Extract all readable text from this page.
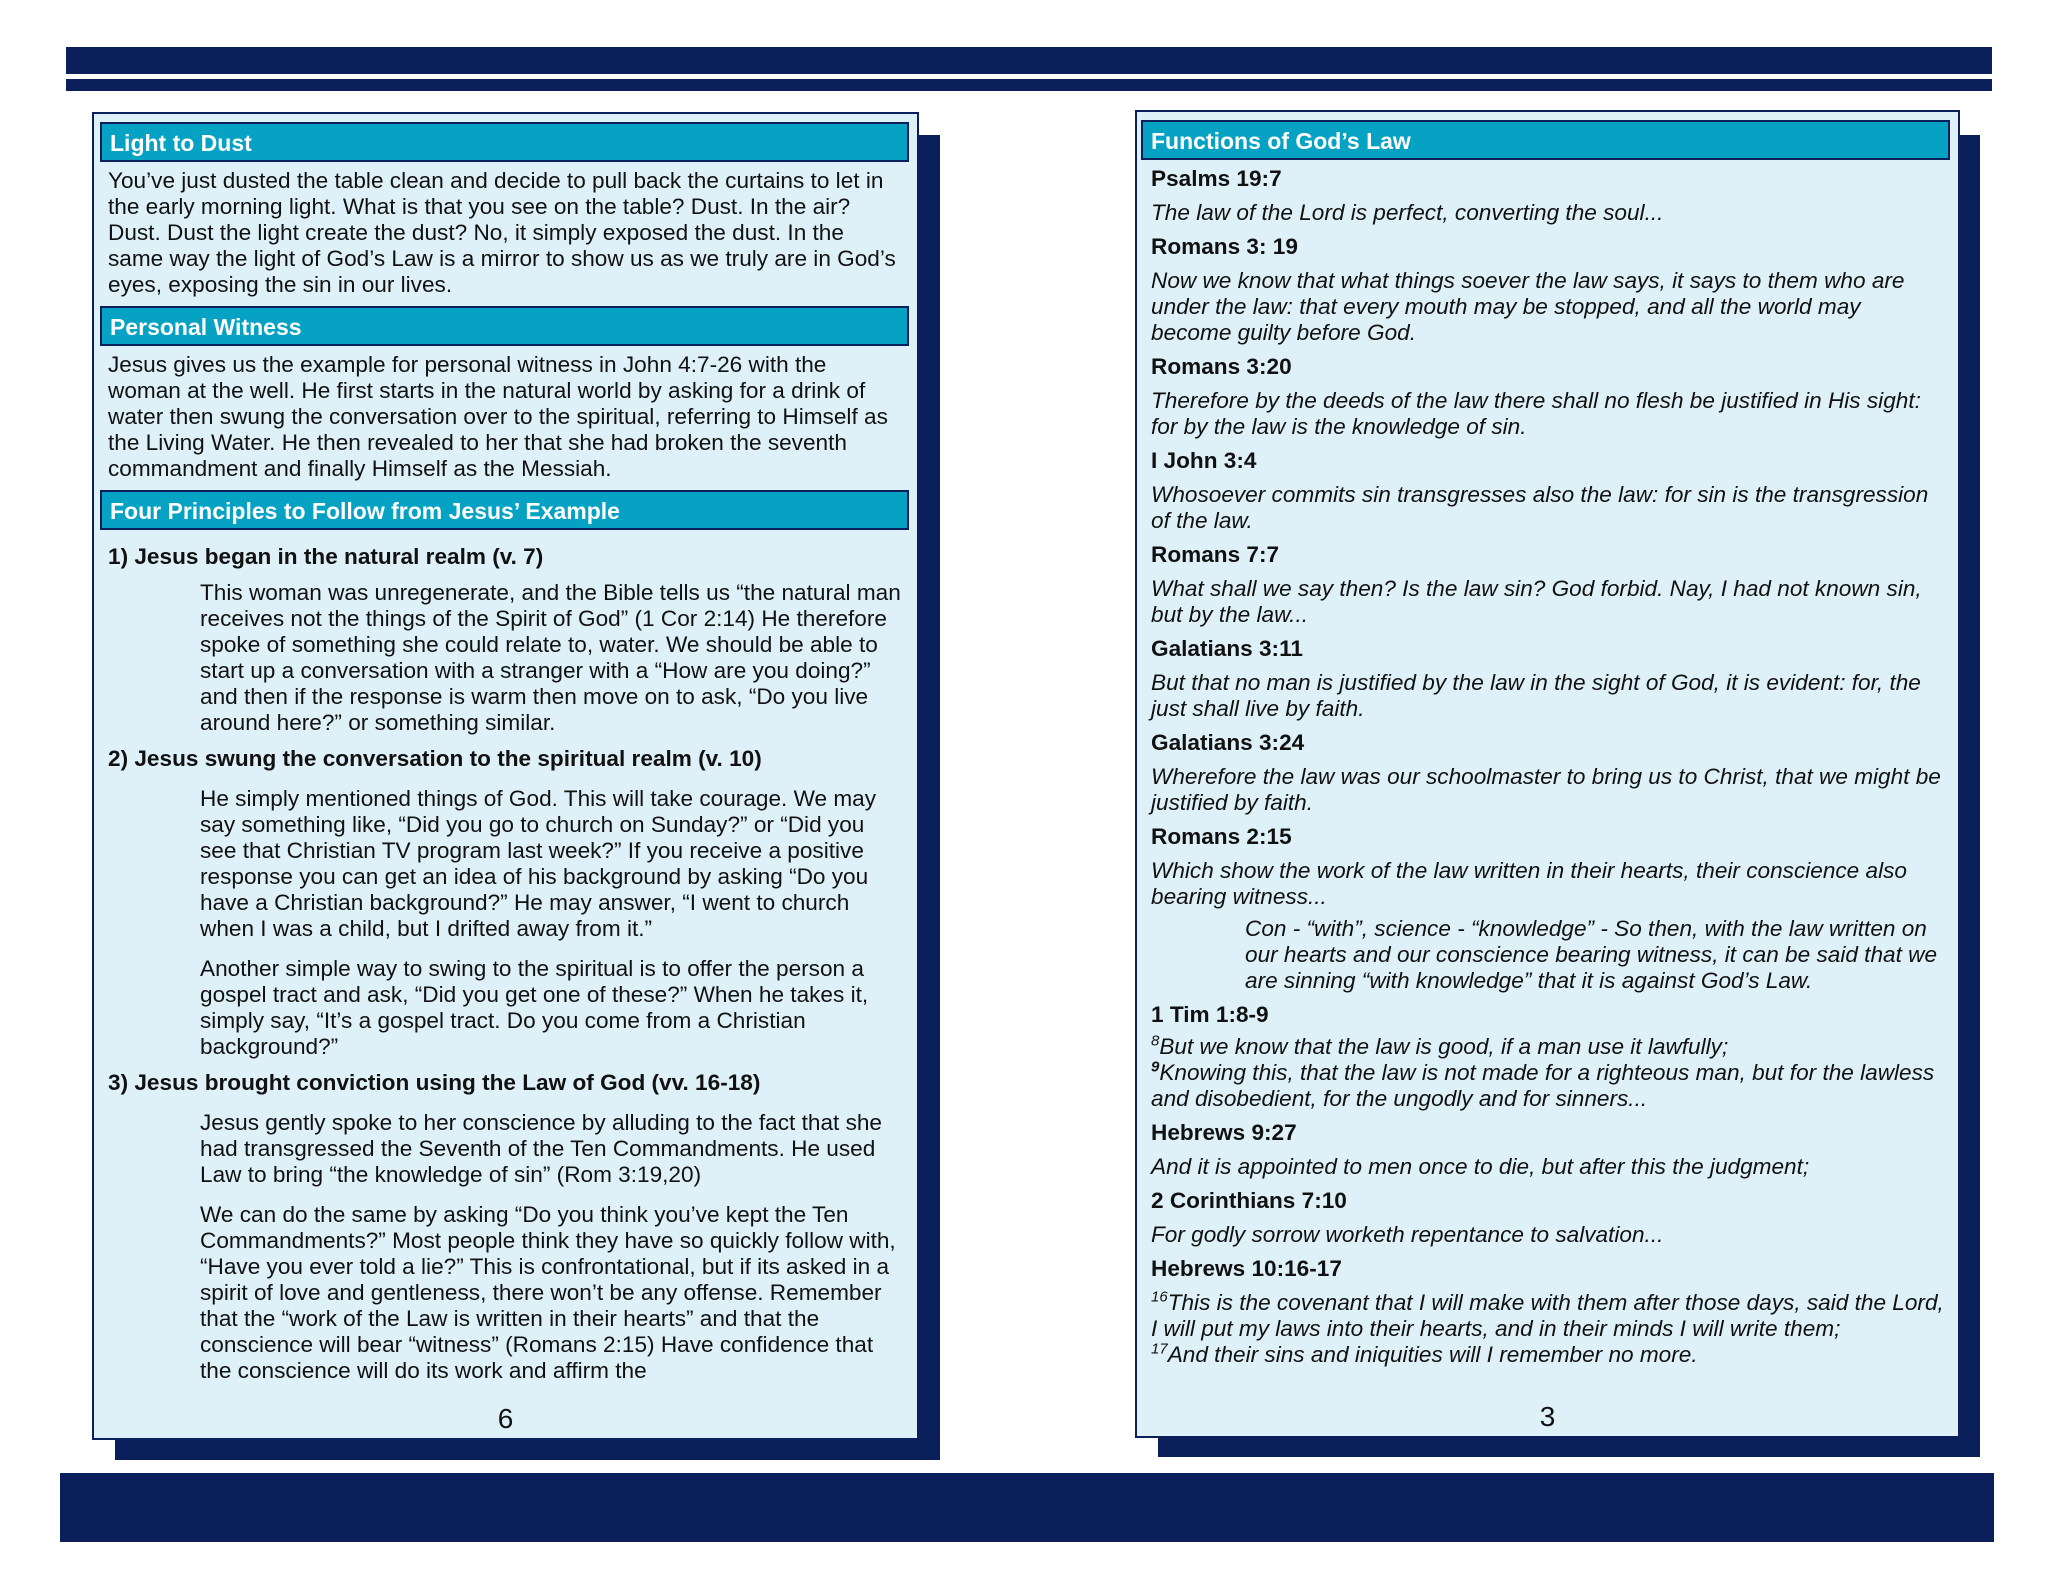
Light to Dust

You’ve just dusted the table clean and decide to pull back the curtains to let in the early morning light. What is that you see on the table? Dust. In the air? Dust. Dust the light create the dust? No, it simply exposed the dust. In the same way the light of God’s Law is a mirror to show us as we truly are in God’s eyes, exposing the sin in our lives.

Personal Witness

Jesus gives us the example for personal witness in John 4:7-26 with the woman at the well. He first starts in the natural world by asking for a drink of water then swung the conversation over to the spiritual, referring to Himself as the Living Water. He then revealed to her that she had broken the seventh commandment and finally Himself as the Messiah.

Four Principles to Follow from Jesus’ Example

1) Jesus began in the natural realm (v. 7)

This woman was unregenerate, and the Bible tells us “the natural man receives not the things of the Spirit of God” (1 Cor 2:14) He therefore spoke of something she could relate to, water. We should be able to start up a conversation with a stranger with a “How are you doing?” and then if the response is warm then move on to ask, “Do you live around here?” or something similar.

2) Jesus swung the conversation to the spiritual realm (v. 10)

He simply mentioned things of God. This will take courage. We may say something like, “Did you go to church on Sunday?” or “Did you see that Christian TV program last week?” If you receive a positive response you can get an idea of his background by asking “Do you have a Christian background?” He may answer, “I went to church when I was a child, but I drifted away from it.”

Another simple way to swing to the spiritual is to offer the person a gospel tract and ask, “Did you get one of these?” When he takes it, simply say, “It’s a gospel tract. Do you come from a Christian background?”

3) Jesus brought conviction using the Law of God (vv. 16-18)

Jesus gently spoke to her conscience by alluding to the fact that she had transgressed the Seventh of the Ten Commandments. He used Law to bring “the knowledge of sin” (Rom 3:19,20)

We can do the same by asking “Do you think you’ve kept the Ten Commandments?” Most people think they have so quickly follow with, “Have you ever told a lie?” This is confrontational, but if its asked in a spirit of love and gentleness, there won’t be any offense. Remember that the “work of the Law is written in their hearts” and that the conscience will bear “witness” (Romans 2:15) Have confidence that the conscience will do its work and affirm the

6
Functions of God’s Law

Psalms 19:7

The law of the Lord is perfect, converting the soul...

Romans 3: 19

Now we know that what things soever the law says, it says to them who are under the law: that every mouth may be stopped, and all the world may become guilty before God.

Romans 3:20

Therefore by the deeds of the law there shall no flesh be justified in His sight: for by the law is the knowledge of sin.

I John 3:4

Whosoever commits sin transgresses also the law: for sin is the transgression of the law.

Romans 7:7

What shall we say then? Is the law sin? God forbid. Nay, I had not known sin, but by the law...

Galatians 3:11

But that no man is justified by the law in the sight of God, it is evident: for, the just shall live by faith.

Galatians 3:24

Wherefore the law was our schoolmaster to bring us to Christ, that we might be justified by faith.

Romans 2:15

Which show the work of the law written in their hearts, their conscience also bearing witness...

Con - “with”, science - “knowledge” - So then, with the law written on our hearts and our conscience bearing witness, it can be said that we are sinning “with knowledge” that it is against God’s Law.

1 Tim 1:8-9

$^8$But we know that the law is good, if a man use it lawfully;
$^9$Knowing this, that the law is not made for a righteous man, but for the lawless and disobedient, for the ungodly and for sinners...

Hebrews 9:27

And it is appointed to men once to die, but after this the judgment;

2 Corinthians 7:10

For godly sorrow worketh repentance to salvation...

Hebrews 10:16-17

$^{16}$This is the covenant that I will make with them after those days, said the Lord, I will put my laws into their hearts, and in their minds I will write them;
$^{17}$And their sins and iniquities will I remember no more.

3
